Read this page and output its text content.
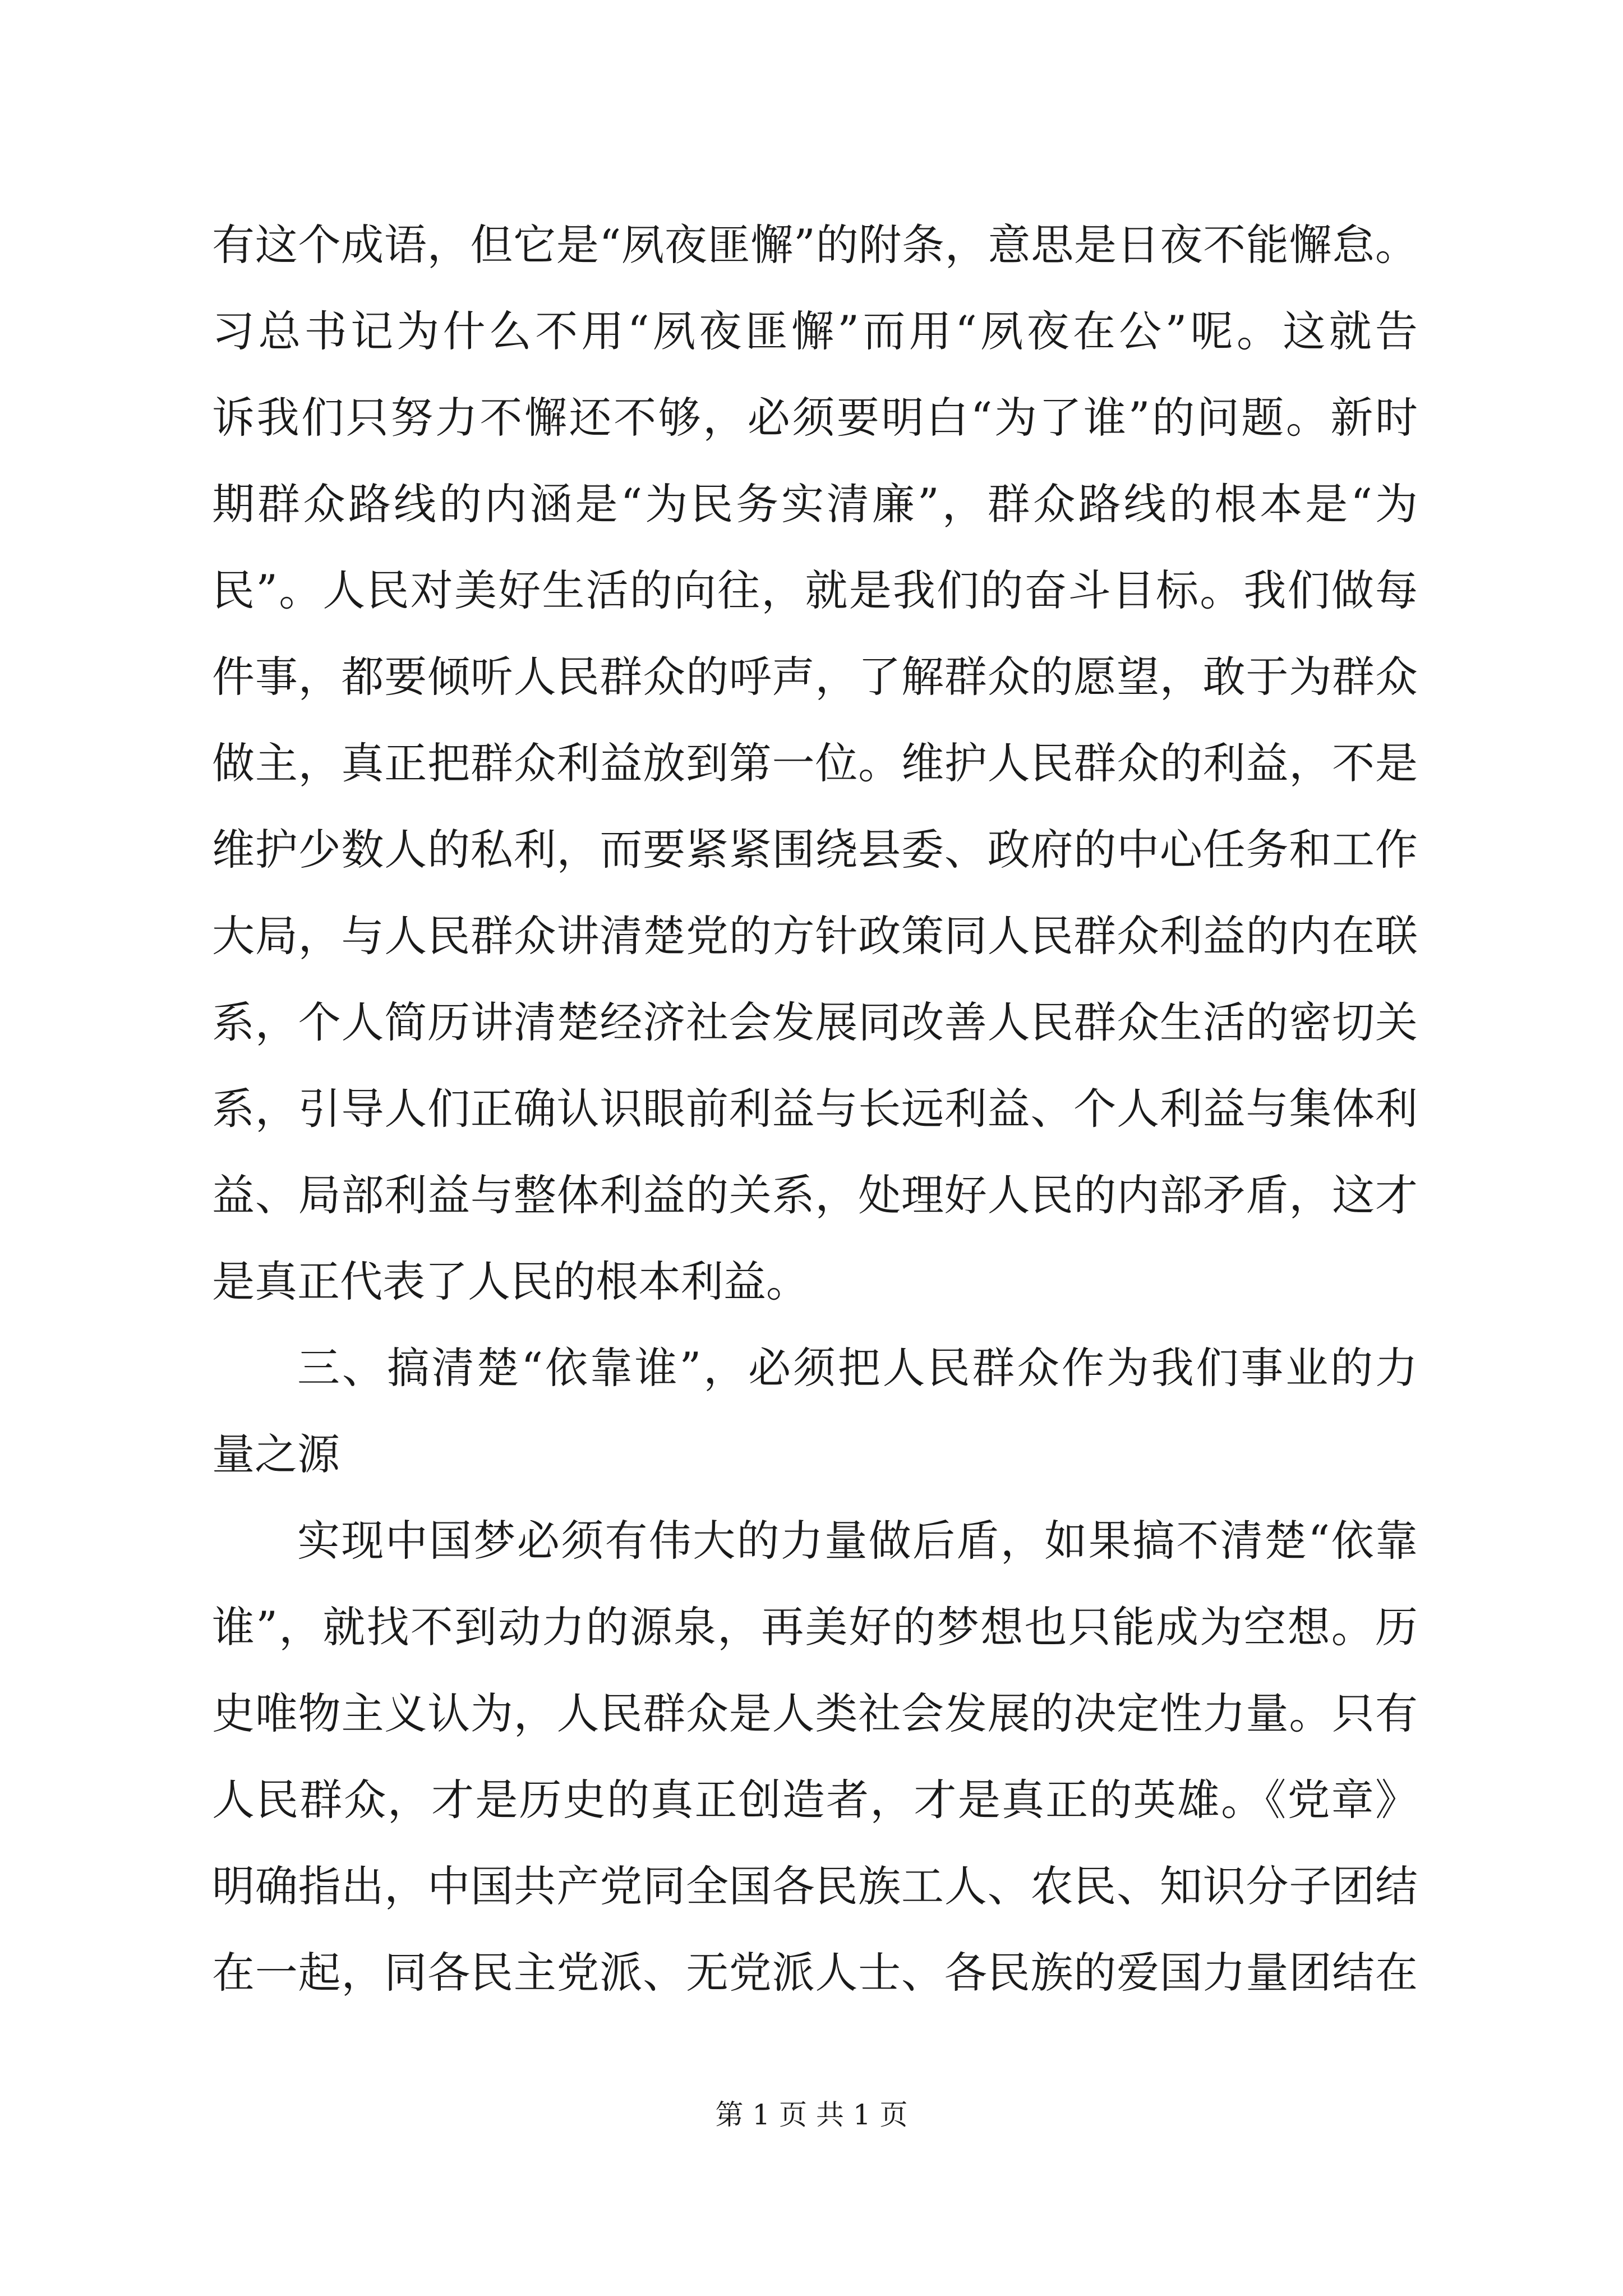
有这个成语，但它是“夙夜匪懈”的附条，意思是日夜不能懈怠。
习总书记为什么不用“夙夜匪懈”而用“夙夜在公”呢。这就告
诉我们只努力不懈还不够，必须要明白“为了谁”的问题。新时
期群众路线的内涵是“为民务实清廉”，群众路线的根本是“为
民”。人民对美好生活的向往，就是我们的奋斗目标。我们做每
件事，都要倾听人民群众的呼声，了解群众的愿望，敢于为群众
做主，真正把群众利益放到第一位。维护人民群众的利益，不是
维护少数人的私利，而要紧紧围绕县委、政府的中心任务和工作
大局，与人民群众讲清楚党的方针政策同人民群众利益的内在联
系，个人简历讲清楚经济社会发展同改善人民群众生活的密切关
系，引导人们正确认识眼前利益与长远利益、个人利益与集体利
益、局部利益与整体利益的关系，处理好人民的内部矛盾，这才
是真正代表了人民的根本利益。
三、搞清楚“依靠谁”，必须把人民群众作为我们事业的力
量之源
实现中国梦必须有伟大的力量做后盾，如果搞不清楚“依靠
谁”，就找不到动力的源泉，再美好的梦想也只能成为空想。历
史唯物主义认为，人民群众是人类社会发展的决定性力量。只有
人民群众，才是历史的真正创造者，才是真正的英雄。《党章》
明确指出，中国共产党同全国各民族工人、农民、知识分子团结
在一起，同各民主党派、无党派人士、各民族的爱国力量团结在
第 1 页 共 1 页
